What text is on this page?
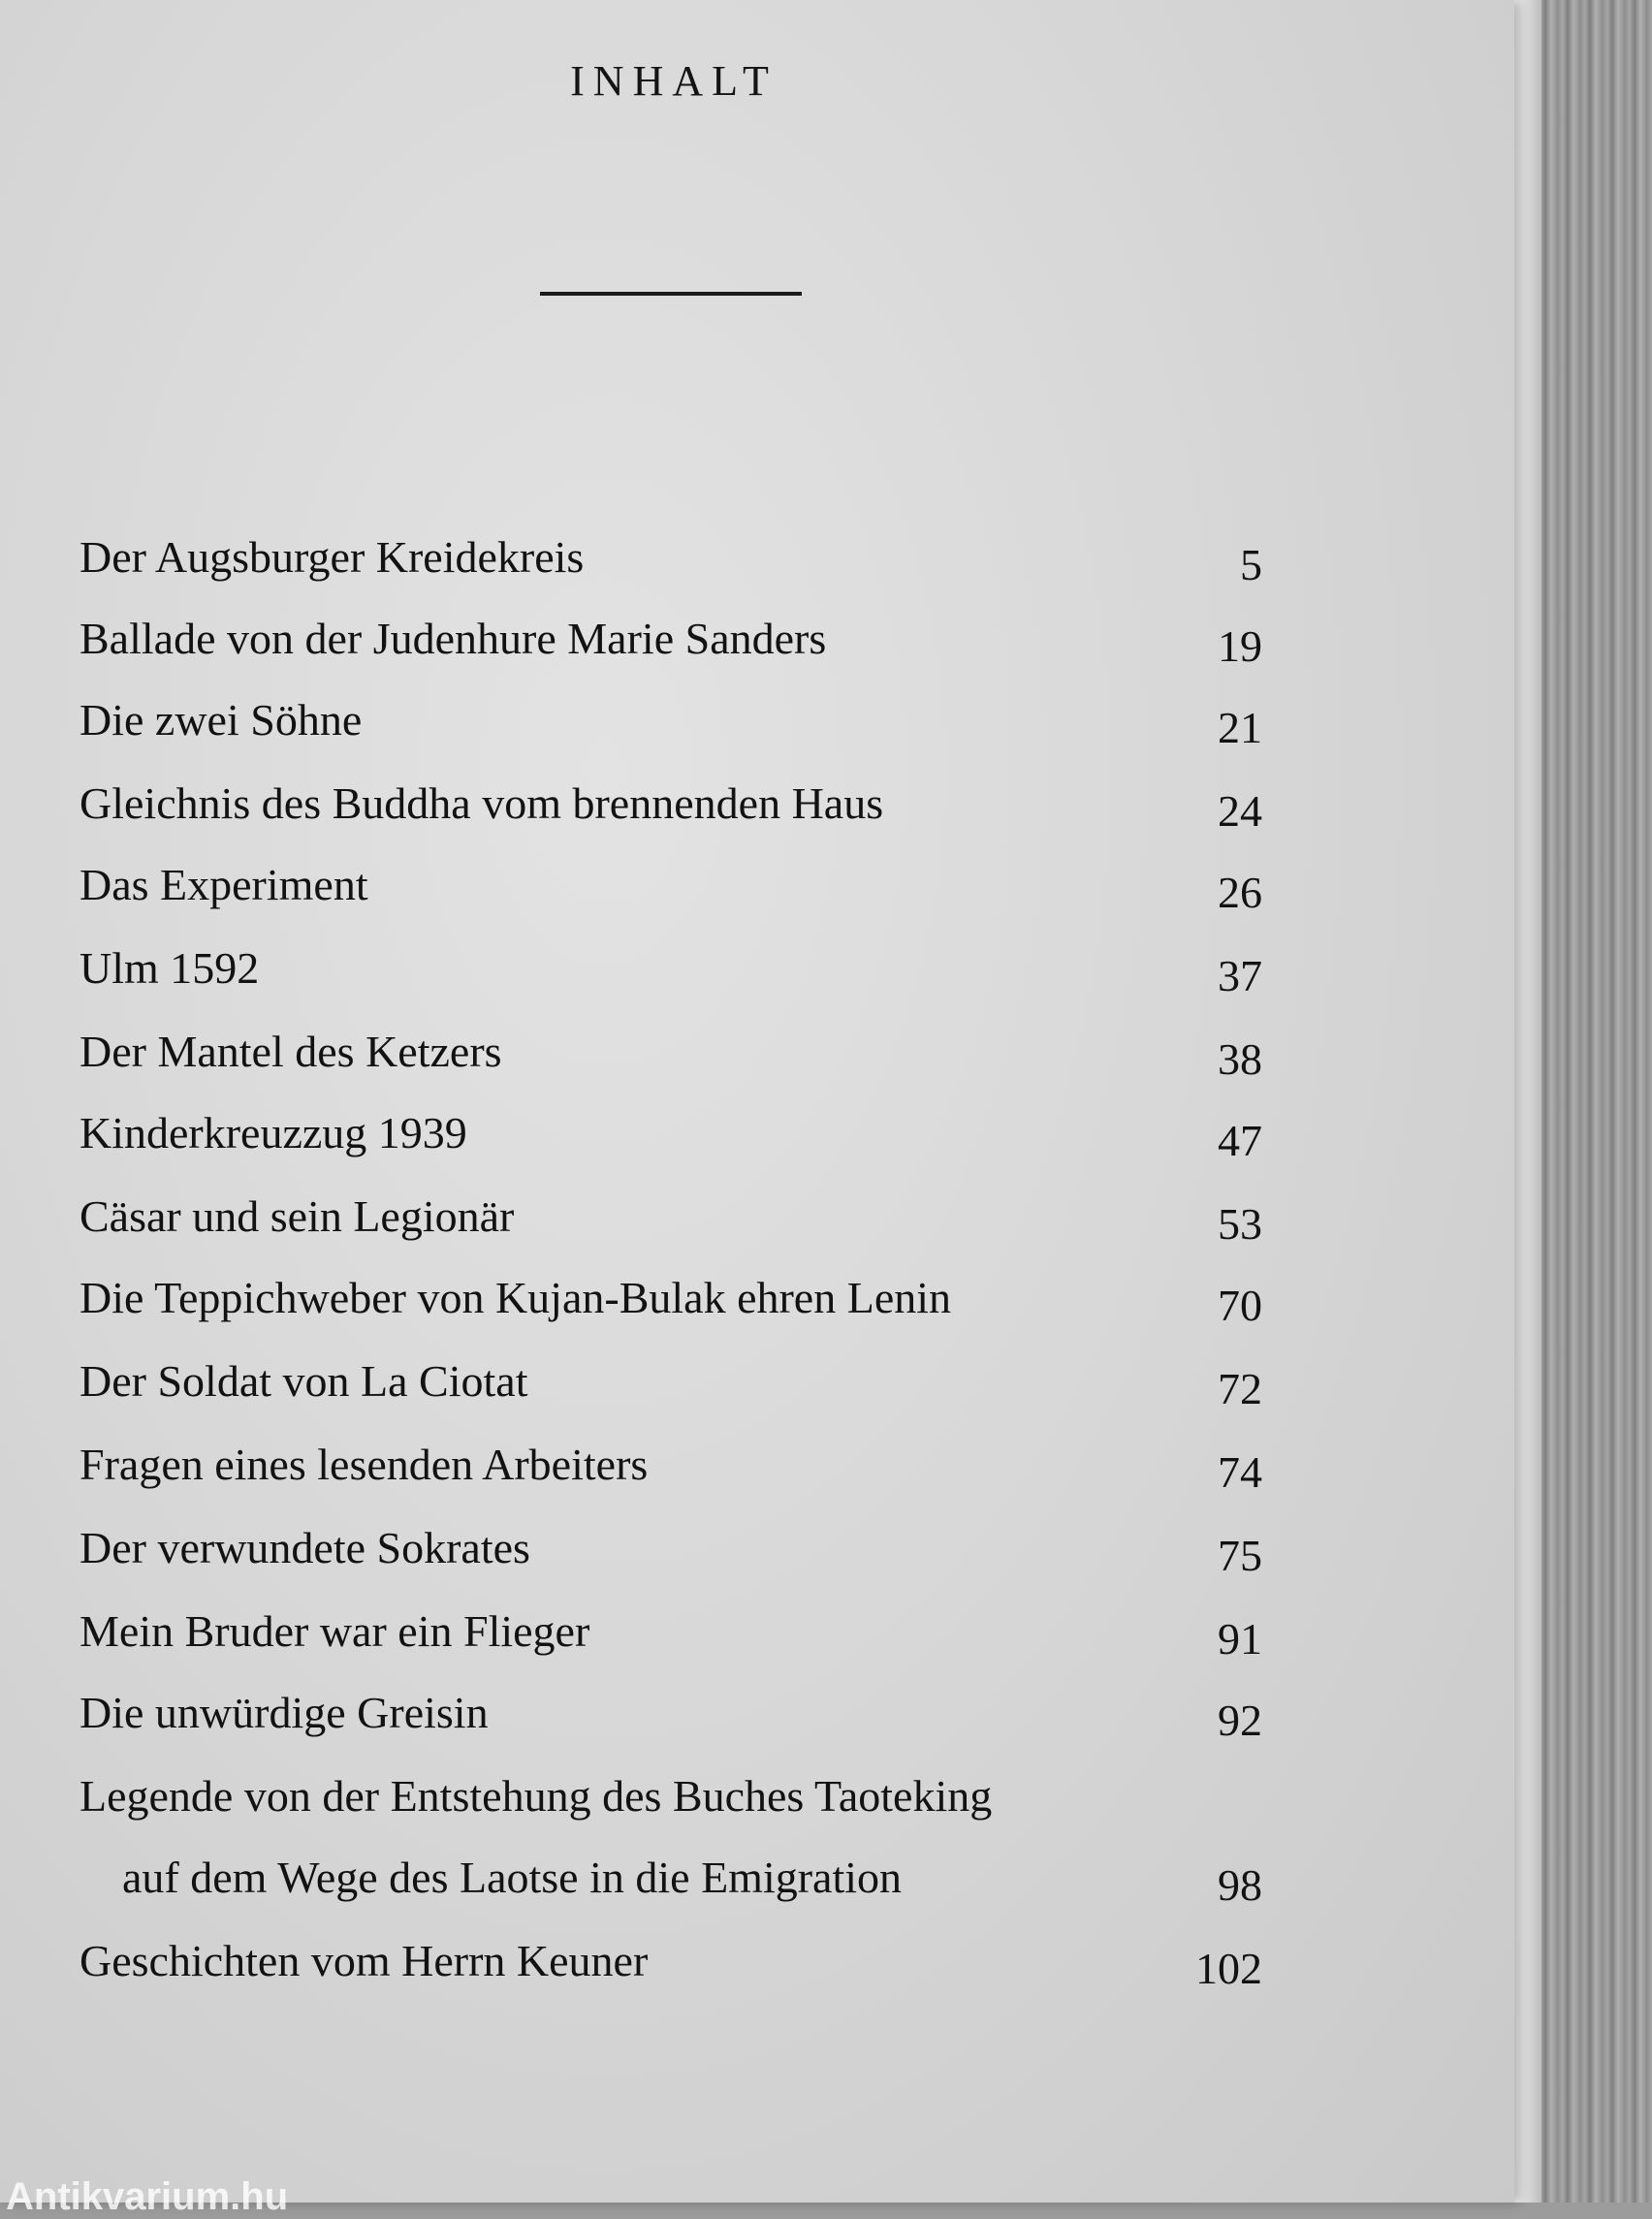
INHALT
Der Augsburger Kreidekreis	5
Ballade von der Judenhure Marie Sanders	19
Die zwei Söhne	21
Gleichnis des Buddha vom brennenden Haus	24
Das Experiment	26
Ulm 1592	37
Der Mantel des Ketzers	38
Kinderkreuzzug 1939	47
Cäsar und sein Legionär	53
Die Teppichweber von Kujan-Bulak ehren Lenin	70
Der Soldat von La Ciotat	72
Fragen eines lesenden Arbeiters	74
Der verwundete Sokrates	75
Mein Bruder war ein Flieger	91
Die unwürdige Greisin	92
Legende von der Entstehung des Buches Taoteking
auf dem Wege des Laotse in die Emigration	98
Geschichten vom Herrn Keuner	102
Antikvarium.hu
